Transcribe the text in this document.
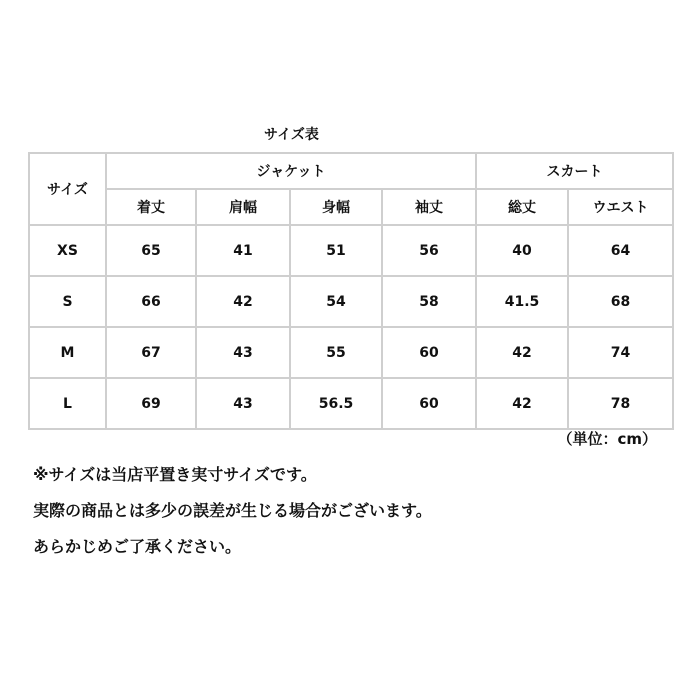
サイズ表
サイズ	ジャケット				スカート	
	着丈	肩幅	身幅	袖丈	総丈	ウエスト
XS	65	41	51	56	40	64
S	66	42	54	58	41.5	68
M	67	43	55	60	42	74
L	69	43	56.5	60	42	78
（単位：cm）
※サイズは当店平置き実寸サイズです。
実際の商品とは多少の誤差が生じる場合がございます。
あらかじめご了承ください。
